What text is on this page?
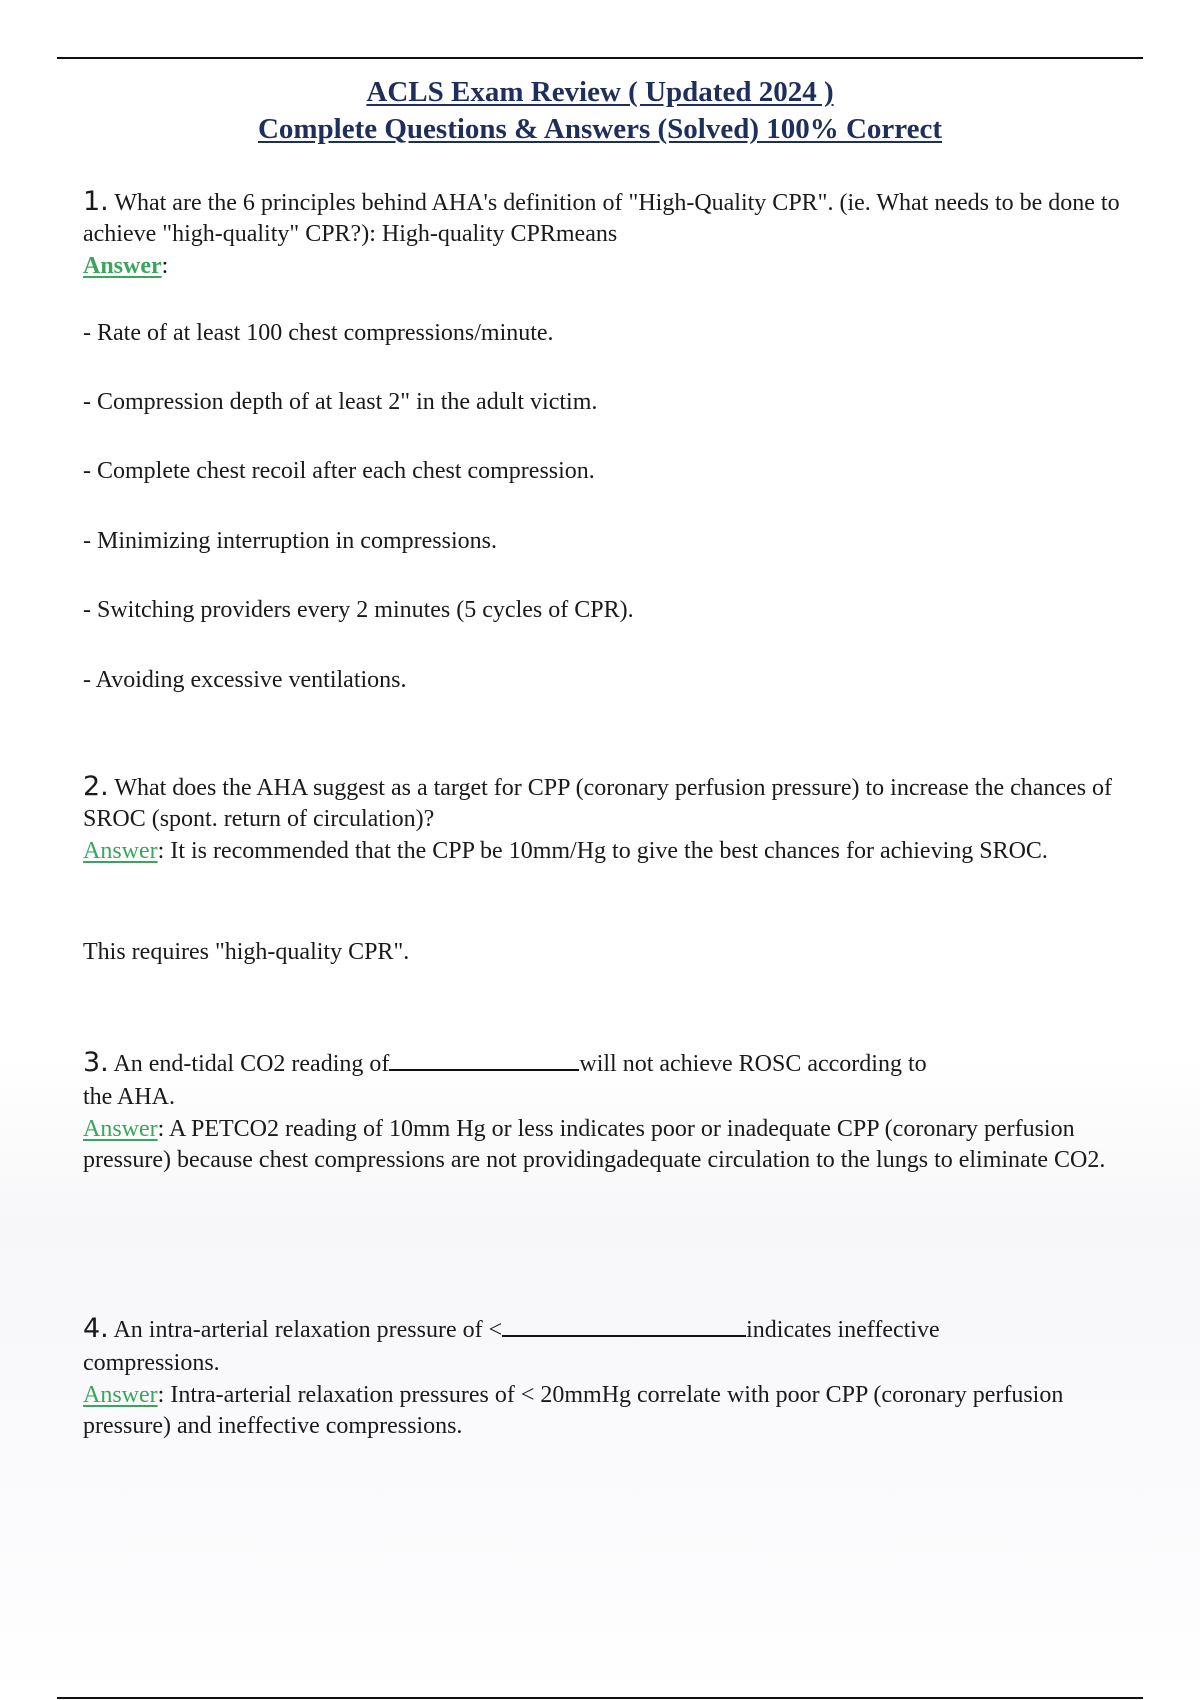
ACLS Exam Review ( Updated 2024 )
Complete Questions & Answers (Solved) 100% Correct
1. What are the 6 principles behind AHA's definition of "High-Quality CPR". (ie. What needs to be done to achieve "high-quality" CPR?): High-quality CPRmeans
Answer:
- Rate of at least 100 chest compressions/minute.
- Compression depth of at least 2" in the adult victim.
- Complete chest recoil after each chest compression.
- Minimizing interruption in compressions.
- Switching providers every 2 minutes (5 cycles of CPR).
- Avoiding excessive ventilations.
2. What does the AHA suggest as a target for CPP (coronary perfusion pressure) to increase the chances of SROC (spont. return of circulation)?
Answer: It is recommended that the CPP be 10mm/Hg to give the best chances for achieving SROC.
This requires "high-quality CPR".
3. An end-tidal CO2 reading of	will not achieve ROSC according to
the AHA.
Answer: A PETCO2 reading of 10mm Hg or less indicates poor or inadequate CPP (coronary perfusion pressure) because chest compressions are not providingadequate circulation to the lungs to eliminate CO2.
4. An intra-arterial relaxation pressure of <	indicates ineffective
compressions.
Answer: Intra-arterial relaxation pressures of < 20mmHg correlate with poor CPP (coronary perfusion pressure) and ineffective compressions.
